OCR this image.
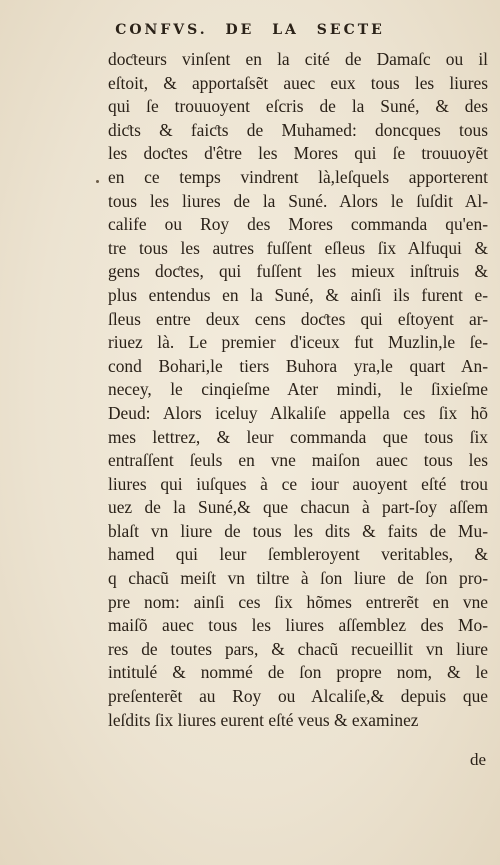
CONFVS. DE LA SECTE
doƈteurs vinſent en la cité de Damaſc ou il
eſtoit, & apportaſsẽt auec eux tous les liures
qui ſe trouuoyent eſcris de la Suné, & des
diƈts & faiƈts de Muhamed: doncques tous
les doƈtes d'être les Mores qui ſe trouuoyẽt
en ce temps vindrent là,leſquels apporterent
tous les liures de la Suné. Alors le ſuſdit Al-
calife ou Roy des Mores commanda qu'en-
tre tous les autres fuſſent eſleus ſix Alfuqui &
gens doƈtes, qui fuſſent les mieux inſtruis &
plus entendus en la Suné, & ainſi ils furent e-
ſleus entre deux cens doƈtes qui eſtoyent ar-
riuez là. Le premier d'iceux fut Muzlin,le ſe-
cond Bohari,le tiers Buhora yra,le quart An-
necey, le cinqieſme Ater mindi, le ſixieſme
Deud: Alors iceluy Alkaliſe appella ces ſix hõ
mes lettrez, & leur commanda que tous ſix
entraſſent ſeuls en vne maiſon auec tous les
liures qui iuſques à ce iour auoyent eſté trou
uez de la Suné,& que chacun à part-ſoy aſſem
blaſt vn liure de tous les dits & faits de Mu-
hamed qui leur ſembleroyent veritables, &
q chacũ meiſt vn tiltre à ſon liure de ſon pro-
pre nom: ainſi ces ſix hõmes entrerẽt en vne
maiſõ auec tous les liures aſſemblez des Mo-
res de toutes pars, & chacũ recueillit vn liure
intitulé & nommé de ſon propre nom, & le
preſenterẽt au Roy ou Alcaliſe,& depuis que
leſdits ſix liures eurent eſté veus & examinez
de
